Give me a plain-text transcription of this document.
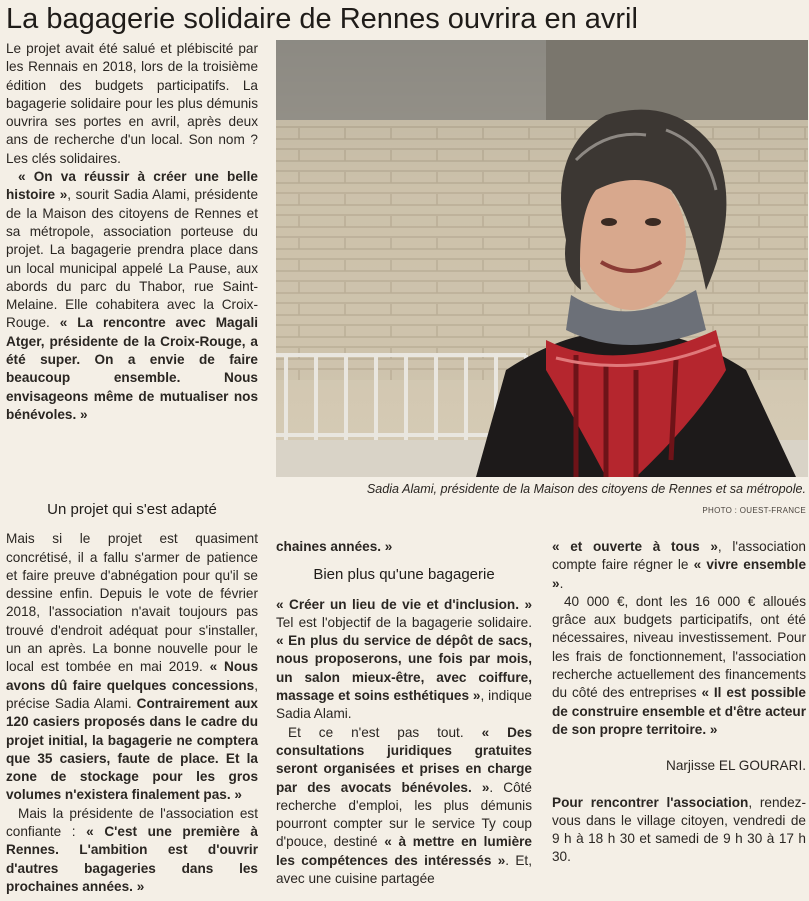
La bagagerie solidaire de Rennes ouvrira en avril

Le projet avait été salué et plébiscité par les Rennais en 2018, lors de la troisième édition des budgets participatifs. La bagagerie solidaire pour les plus démunis ouvrira ses portes en avril, après deux ans de recherche d'un local. Son nom ? Les clés solidaires.

« On va réussir à créer une belle histoire », sourit Sadia Alami, présidente de la Maison des citoyens de Rennes et sa métropole, association porteuse du projet. La bagagerie prendra place dans un local municipal appelé La Pause, aux abords du parc du Thabor, rue Saint-Melaine. Elle cohabitera avec la Croix-Rouge. « La rencontre avec Magali Atger, présidente de la Croix-Rouge, a été super. On a envie de faire beaucoup ensemble. Nous envisageons même de mutualiser nos bénévoles. »

Un projet qui s'est adapté

Mais si le projet est quasiment concrétisé, il a fallu s'armer de patience et faire preuve d'abnégation pour qu'il se dessine enfin. Depuis le vote de février 2018, l'association n'avait toujours pas trouvé d'endroit adéquat pour s'installer, un an après. La bonne nouvelle pour le local est tombée en mai 2019. « Nous avons dû faire quelques concessions, précise Sadia Alami. Contrairement aux 120 casiers proposés dans le cadre du projet initial, la bagagerie ne comptera que 35 casiers, faute de place. Et la zone de stockage pour les gros volumes n'existera finalement pas. »

Mais la présidente de l'association est confiante : « C'est une première à Rennes. L'ambition est d'ouvrir d'autres bagageries dans les prochaines années. »

Sadia Alami, présidente de la Maison des citoyens de Rennes et sa métropole.
PHOTO : OUEST-FRANCE

chaines années. »

Bien plus qu'une bagagerie

« Créer un lieu de vie et d'inclusion. » Tel est l'objectif de la bagagerie solidaire. « En plus du service de dépôt de sacs, nous proposerons, une fois par mois, un salon mieux-être, avec coiffure, massage et soins esthétiques », indique Sadia Alami.

Et ce n'est pas tout. « Des consultations juridiques gratuites seront organisées et prises en charge par des avocats bénévoles. ». Côté recherche d'emploi, les plus démunis pourront compter sur le service Ty coup d'pouce, destiné « à mettre en lumière les compétences des intéressés ». Et, avec une cuisine partagée

« et ouverte à tous », l'association compte faire régner le « vivre ensemble ».

40 000 €, dont les 16 000 € alloués grâce aux budgets participatifs, ont été nécessaires, niveau investissement. Pour les frais de fonctionnement, l'association recherche actuellement des financements du côté des entreprises « Il est possible de construire ensemble et d'être acteur de son propre territoire. »

Narjisse EL GOURARI.

Pour rencontrer l'association, rendez-vous dans le village citoyen, vendredi de 9 h à 18 h 30 et samedi de 9 h 30 à 17 h 30.
